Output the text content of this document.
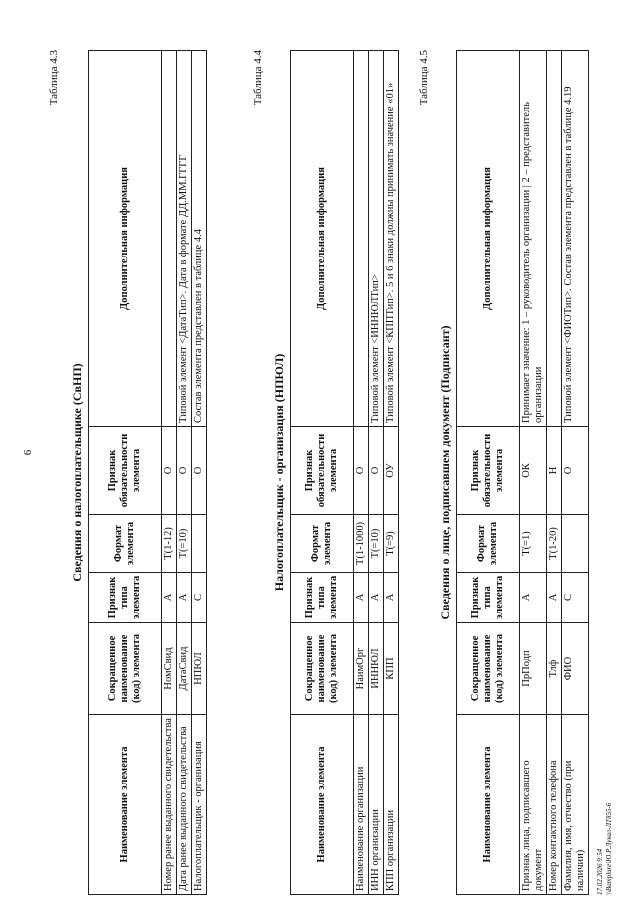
6
Таблица 4.3
Сведения о налогоплательщике (СвНП)
Наименование элемента	Сокращенное наименование (код) элемента	Признак типа элемента	Формат элемента	Признак обязательности элемента	Дополнительная информация
Номер ранее выданного свидетельства	НомСвид	А	T(1-12)	О	
Дата ранее выданного свидетельства	ДатаСвид	А	T(=10)	О	Типовой элемент <ДатаТип>. Дата в формате ДД.ММ.ГГГГ
Налогоплательщик - организация	НПЮЛ	С		О	Состав элемента представлен в таблице 4.4
Таблица 4.4
Налогоплательщик - организация (НПЮЛ)
Наименование элемента	Сокращенное наименование (код) элемента	Признак типа элемента	Формат элемента	Признак обязательности элемента	Дополнительная информация
Наименование организации	НаимОрг	А	T(1-1000)	О	
ИНН организации	ИННЮЛ	А	T(=10)	О	Типовой элемент <ИННЮЛТип>
КПП организации	КПП	А	T(=9)	ОУ	Типовой элемент <КППТип>. 5 и 6 знаки должны принимать значение «01»
Таблица 4.5
Сведения о лице, подписавшем документ (Подписант)
Наименование элемента	Сокращенное наименование (код) элемента	Признак типа элемента	Формат элемента	Признак обязательности элемента	Дополнительная информация
Признак лица, подписавшего документ	ПрПодп	А	T(=1)	ОК	Принимает значение: 1 – руководитель организации | 2 – представитель организации
Номер контактного телефона	Тлф	А	T(1-20)	Н	
Фамилия, имя, отчество (при наличии)	ФИО	С		О	Типовой элемент <ФИОТип>. Состав элемента представлен в таблице 4.19
17.02.2026 9:54 \\Bamplure\Ю.Р.Лукал-ЛТ855-6
